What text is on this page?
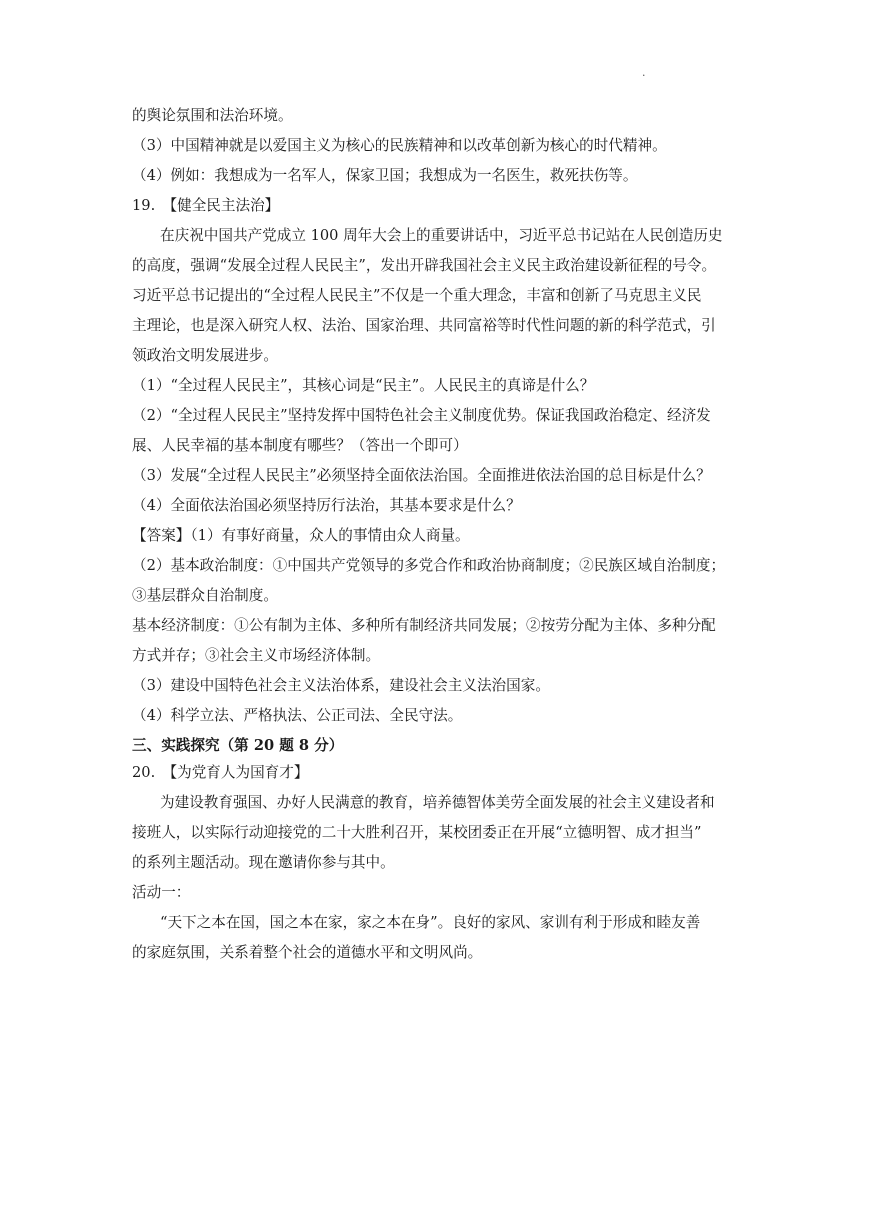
·
的舆论氛围和法治环境。
（3）中国精神就是以爱国主义为核心的民族精神和以改革创新为核心的时代精神。
（4）例如：我想成为一名军人，保家卫国；我想成为一名医生，救死扶伤等。
19.　【健全民主法治】
在庆祝中国共产党成立 100 周年大会上的重要讲话中，习近平总书记站在人民创造历史
的高度，强调“发展全过程人民民主”，发出开辟我国社会主义民主政治建设新征程的号令。
习近平总书记提出的“全过程人民民主”不仅是一个重大理念，丰富和创新了马克思主义民
主理论，也是深入研究人权、法治、国家治理、共同富裕等时代性问题的新的科学范式，引
领政治文明发展进步。
（1）“全过程人民民主”，其核心词是“民主”。人民民主的真谛是什么？
（2）“全过程人民民主”坚持发挥中国特色社会主义制度优势。保证我国政治稳定、经济发
展、人民幸福的基本制度有哪些？（答出一个即可）
（3）发展“全过程人民民主”必须坚持全面依法治国。全面推进依法治国的总目标是什么？
（4）全面依法治国必须坚持厉行法治，其基本要求是什么？
【答案】（1）有事好商量，众人的事情由众人商量。
（2）基本政治制度：①中国共产党领导的多党合作和政治协商制度；②民族区域自治制度；
③基层群众自治制度。
基本经济制度：①公有制为主体、多种所有制经济共同发展；②按劳分配为主体、多种分配
方式并存；③社会主义市场经济体制。
（3）建设中国特色社会主义法治体系，建设社会主义法治国家。
（4）科学立法、严格执法、公正司法、全民守法。
三、实践探究（第 20 题 8 分）
20.　【为党育人为国育才】
为建设教育强国、办好人民满意的教育，培养德智体美劳全面发展的社会主义建设者和
接班人，以实际行动迎接党的二十大胜利召开，某校团委正在开展“立德明智、成才担当”
的系列主题活动。现在邀请你参与其中。
活动一：
“天下之本在国，国之本在家，家之本在身”。良好的家风、家训有利于形成和睦友善
的家庭氛围，关系着整个社会的道德水平和文明风尚。
